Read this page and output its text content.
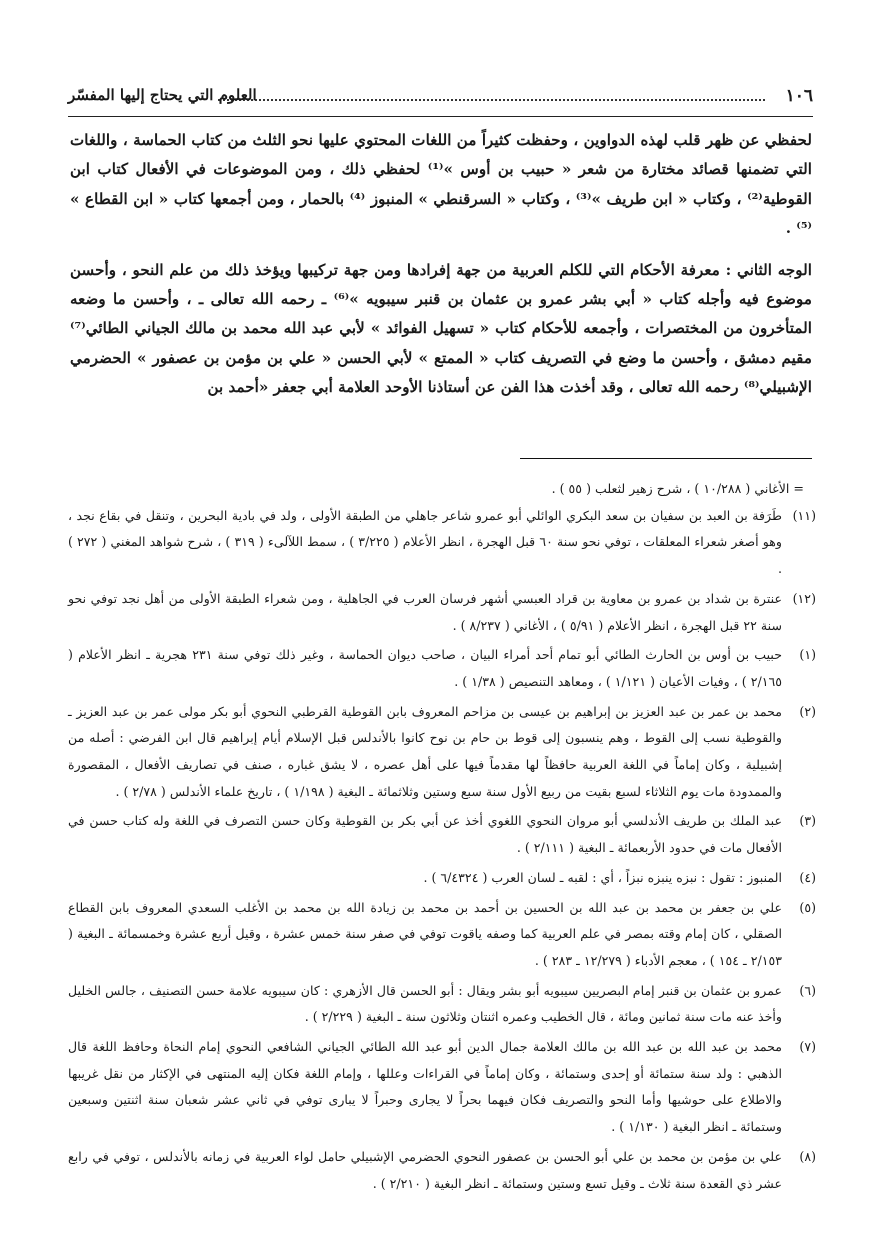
١٠٦
العلوم التي يحتاج إليها المفسّر

لحفظي عن ظهر قلب لهذه الدواوين ، وحفظت كثيراً من اللغات المحتوي عليها نحو الثلث من كتاب الحماسة ، واللغات التي تضمنها قصائد مختارة من شعر « حبيب بن أوس »⁽¹⁾ لحفظي ذلك ، ومن الموضوعات في الأفعال كتاب ابن القوطية⁽²⁾ ، وكتاب « ابن طريف »⁽³⁾ ، وكتاب « السرقنطي » المنبوز ⁽⁴⁾ بالحمار ، ومن أجمعها كتاب « ابن القطاع » ⁽⁵⁾ .

الوجه الثاني : معرفة الأحكام التي للكلم العربية من جهة إفرادها ومن جهة تركيبها ويؤخذ ذلك من علم النحو ، وأحسن موضوع فيه وأجله كتاب « أبي بشر عمرو بن عثمان بن قنبر سيبويه »⁽⁶⁾ ـ رحمه الله تعالى ـ ، وأحسن ما وضعه المتأخرون من المختصرات ، وأجمعه للأحكام كتاب « تسهيل الفوائد » لأبي عبد الله محمد بن مالك الجياني الطائي⁽⁷⁾ مقيم دمشق ، وأحسن ما وضع في التصريف كتاب « الممتع » لأبي الحسن « علي بن مؤمن بن عصفور » الحضرمي الإشبيلي⁽⁸⁾ رحمه الله تعالى ، وقد أخذت هذا الفن عن أستاذنا الأوحد العلامة أبي جعفر «أحمد بن

= الأغاني ( ١٠/٢٨٨ ) ، شرح زهير لثعلب ( ٥٥ ) .

(١١)
طَرَفة بن العبد بن سفيان بن سعد البكري الوائلي أبو عمرو شاعر جاهلي من الطبقة الأولى ، ولد في بادية البحرين ، وتنقل في بقاع نجد ، وهو أصغر شعراء المعلقات ، توفي نحو سنة ٦٠ قبل الهجرة ، انظر الأعلام ( ٣/٢٢٥ ) ، سمط اللآلىء ( ٣١٩ ) ، شرح شواهد المغني ( ٢٧٢ ) .
(١٢)
عنترة بن شداد بن عمرو بن معاوية بن قراد العبسي أشهر فرسان العرب في الجاهلية ، ومن شعراء الطبقة الأولى من أهل نجد توفي نحو سنة ٢٢ قبل الهجرة ، انظر الأعلام ( ٥/٩١ ) ، الأغاني ( ٨/٢٣٧ ) .
(١)
حبيب بن أوس بن الحارث الطائي أبو تمام أحد أمراء البيان ، صاحب ديوان الحماسة ، وغير ذلك توفي سنة ٢٣١ هجرية ـ انظر الأعلام ( ٢/١٦٥ ) ، وفيات الأعيان ( ١/١٢١ ) ، ومعاهد التنصيص ( ١/٣٨ ) .
(٢)
محمد بن عمر بن عبد العزيز بن إبراهيم بن عيسى بن مزاحم المعروف بابن القوطية القرطبي النحوي أبو بكر مولى عمر بن عبد العزيز ـ والقوطية نسب إلى القوط ، وهم ينسبون إلى قوط بن حام بن نوح كانوا بالأندلس قبل الإسلام أيام إبراهيم قال ابن الفرضي : أصله من إشبيلية ، وكان إماماً في اللغة العربية حافظاً لها مقدماً فيها على أهل عصره ، لا يشق غباره ، صنف في تصاريف الأفعال ، المقصورة والممدودة مات يوم الثلاثاء لسبع بقيت من ربيع الأول سنة سبع وستين وثلاثمائة ـ البغية ( ١/١٩٨ ) ، تاريخ علماء الأندلس ( ٢/٧٨ ) .
(٣)
عبد الملك بن طريف الأندلسي أبو مروان النحوي اللغوي أخذ عن أبي بكر بن القوطية وكان حسن التصرف في اللغة وله كتاب حسن في الأفعال مات في حدود الأربعمائة ـ البغية ( ٢/١١١ ) .
(٤)
المنبوز : تقول : نبزه ينبزه نبزاً ، أي : لقبه ـ لسان العرب ( ٦/٤٣٢٤ ) .
(٥)
علي بن جعفر بن محمد بن عبد الله بن الحسين بن أحمد بن محمد بن زيادة الله بن محمد بن الأغلب السعدي المعروف بابن القطاع الصقلي ، كان إمام وقته بمصر في علم العربية كما وصفه ياقوت توفي في صفر سنة خمس عشرة ، وقيل أربع عشرة وخمسمائة ـ البغية ( ٢/١٥٣ ـ ١٥٤ ) ، معجم الأدباء ( ١٢/٢٧٩ ـ ٢٨٣ ) .
(٦)
عمرو بن عثمان بن قنبر إمام البصريين سيبويه أبو بشر ويقال : أبو الحسن قال الأزهري : كان سيبويه علامة حسن التصنيف ، جالس الخليل وأخذ عنه مات سنة ثمانين ومائة ، قال الخطيب وعمره اثنتان وثلاثون سنة ـ البغية ( ٢/٢٢٩ ) .
(٧)
محمد بن عبد الله بن عبد الله بن مالك العلامة جمال الدين أبو عبد الله الطائي الجياني الشافعي النحوي إمام النحاة وحافظ اللغة قال الذهبي : ولد سنة ستمائة أو إحدى وستمائة ، وكان إماماً في القراءات وعللها ، وإمام اللغة فكان إليه المنتهى في الإكثار من نقل غريبها والاطلاع على حوشيها وأما النحو والتصريف فكان فيهما بحراً لا يجارى وحبراً لا يبارى توفي في ثاني عشر شعبان سنة اثنتين وسبعين وستمائة ـ انظر البغية ( ١/١٣٠ ) .
(٨)
علي بن مؤمن بن محمد بن علي أبو الحسن بن عصفور النحوي الحضرمي الإشبيلي حامل لواء العربية في زمانه بالأندلس ، توفي في رابع عشر ذي القعدة سنة ثلاث ـ وقيل تسع وستين وستمائة ـ انظر البغية ( ٢/٢١٠ ) .
